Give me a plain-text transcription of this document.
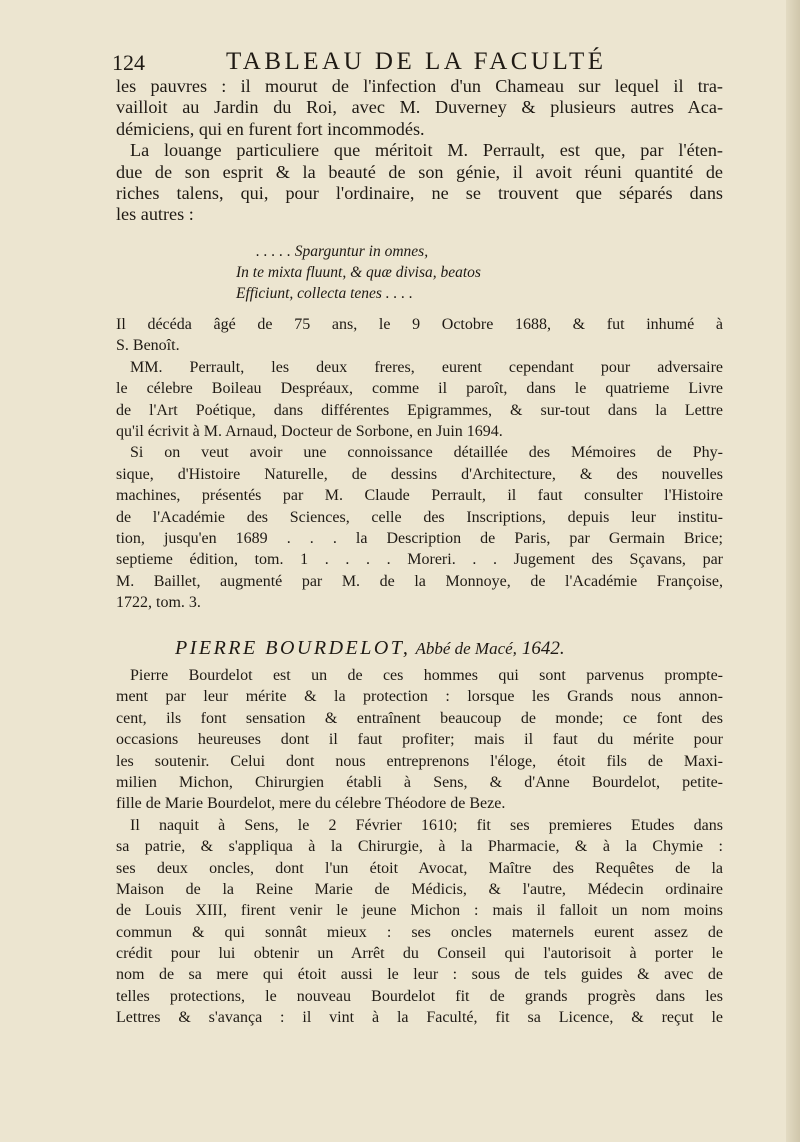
124	TABLEAU DE LA FACULTÉ
les pauvres : il mourut de l'infection d'un Chameau sur lequel il tra-
vailloit au Jardin du Roi, avec M. Duverney & plusieurs autres Aca-
démiciens, qui en furent fort incommodés.
La louange particuliere que méritoit M. Perrault, est que, par l'éten-
due de son esprit & la beauté de son génie, il avoit réuni quantité de
riches talens, qui, pour l'ordinaire, ne se trouvent que séparés dans
les autres :
. . . . . Sparguntur in omnes,
In te mixta fluunt, & quæ divisa, beatos
Efficiunt, collecta tenes . . . .
Il décéda âgé de 75 ans, le 9 Octobre 1688, & fut inhumé à
S. Benoît.
MM. Perrault, les deux freres, eurent cependant pour adversaire
le célebre Boileau Despréaux, comme il paroît, dans le quatrieme Livre
de l'Art Poétique, dans différentes Epigrammes, & sur-tout dans la Lettre
qu'il écrivit à M. Arnaud, Docteur de Sorbone, en Juin 1694.
Si on veut avoir une connoissance détaillée des Mémoires de Phy-
sique, d'Histoire Naturelle, de dessins d'Architecture, & des nouvelles
machines, présentés par M. Claude Perrault, il faut consulter l'Histoire
de l'Académie des Sciences, celle des Inscriptions, depuis leur institu-
tion, jusqu'en 1689 . . . la Description de Paris, par Germain Brice;
septieme édition, tom. 1 . . . . Moreri. . . Jugement des Sçavans, par
M. Baillet, augmenté par M. de la Monnoye, de l'Académie Françoise,
1722, tom. 3.
PIERRE BOURDELOT, Abbé de Macé, 1642.
Pierre Bourdelot est un de ces hommes qui sont parvenus prompte-
ment par leur mérite & la protection : lorsque les Grands nous annon-
cent, ils font sensation & entraînent beaucoup de monde; ce font des
occasions heureuses dont il faut profiter; mais il faut du mérite pour
les soutenir. Celui dont nous entreprenons l'éloge, étoit fils de Maxi-
milien Michon, Chirurgien établi à Sens, & d'Anne Bourdelot, petite-
fille de Marie Bourdelot, mere du célebre Théodore de Beze.
Il naquit à Sens, le 2 Février 1610; fit ses premieres Etudes dans
sa patrie, & s'appliqua à la Chirurgie, à la Pharmacie, & à la Chymie :
ses deux oncles, dont l'un étoit Avocat, Maître des Requêtes de la
Maison de la Reine Marie de Médicis, & l'autre, Médecin ordinaire
de Louis XIII, firent venir le jeune Michon : mais il falloit un nom moins
commun & qui sonnât mieux : ses oncles maternels eurent assez de
crédit pour lui obtenir un Arrêt du Conseil qui l'autorisoit à porter le
nom de sa mere qui étoit aussi le leur : sous de tels guides & avec de
telles protections, le nouveau Bourdelot fit de grands progrès dans les
Lettres & s'avança : il vint à la Faculté, fit sa Licence, & reçut le
